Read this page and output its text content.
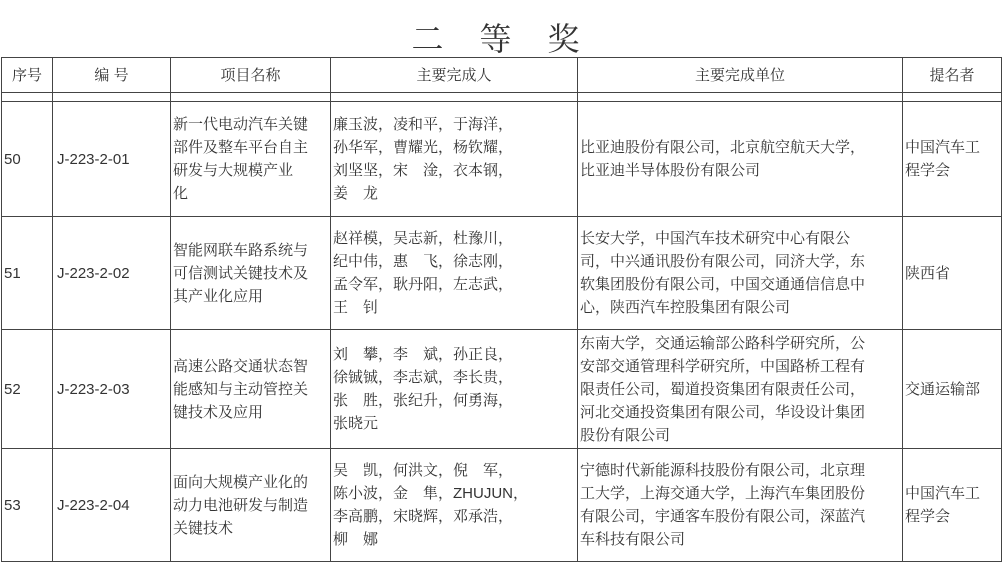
二 等 奖
序号	编 号	项目名称	主要完成人	主要完成单位	提名者

50	J-223-2-01	新一代电动汽车关键
部件及整车平台自主
研发与大规模产业
化	廉玉波，凌和平，于海洋，
孙华军，曹耀光，杨钦耀，
刘坚坚，宋　淦，衣本钢，
姜　龙	比亚迪股份有限公司，北京航空航天大学，
比亚迪半导体股份有限公司	中国汽车工
程学会

51	J-223-2-02	智能网联车路系统与
可信测试关键技术及
其产业化应用	赵祥模，吴志新，杜豫川，
纪中伟，惠　飞，徐志刚，
孟令军，耿丹阳，左志武，
王　钊	长安大学，中国汽车技术研究中心有限公
司，中兴通讯股份有限公司，同济大学，东
软集团股份有限公司，中国交通通信信息中
心，陕西汽车控股集团有限公司	陕西省

52	J-223-2-03	高速公路交通状态智
能感知与主动管控关
键技术及应用	刘　攀，李　斌，孙正良，
徐铖铖，李志斌，李长贵，
张　胜，张纪升，何勇海，
张晓元	东南大学，交通运输部公路科学研究所，公
安部交通管理科学研究所，中国路桥工程有
限责任公司，蜀道投资集团有限责任公司，
河北交通投资集团有限公司，华设设计集团
股份有限公司	交通运输部

53	J-223-2-04	面向大规模产业化的
动力电池研发与制造
关键技术	吴　凯，何洪文，倪　军，
陈小波，金　隼，ZHUJUN，
李高鹏，宋晓辉，邓承浩，
柳　娜	宁德时代新能源科技股份有限公司，北京理
工大学，上海交通大学，上海汽车集团股份
有限公司，宇通客车股份有限公司，深蓝汽
车科技有限公司	中国汽车工
程学会
